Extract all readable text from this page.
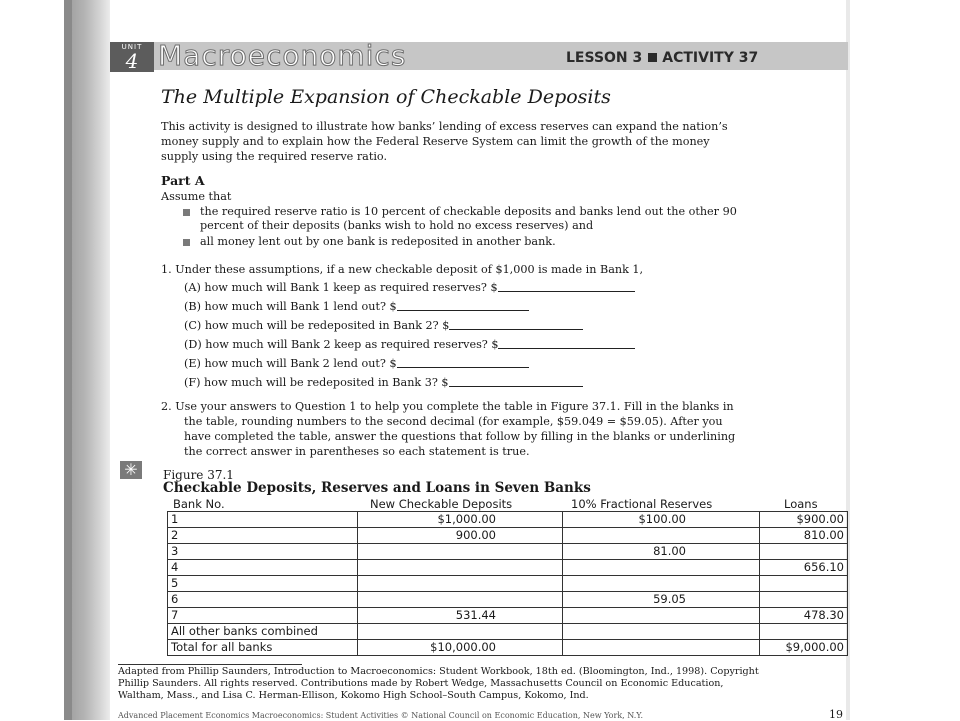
UNIT
4 Macroeconomics	LESSON 3 ACTIVITY 37
The Multiple Expansion of Checkable Deposits
This activity is designed to illustrate how banks’ lending of excess reserves can expand the nation’s
money supply and to explain how the Federal Reserve System can limit the growth of the money
supply using the required reserve ratio.
Part A
Assume that
the required reserve ratio is 10 percent of checkable deposits and banks lend out the other 90
percent of their deposits (banks wish to hold no excess reserves) and
all money lent out by one bank is redeposited in another bank.
1. Under these assumptions, if a new checkable deposit of $1,000 is made in Bank 1,
(A) how much will Bank 1 keep as required reserves? $
(B) how much will Bank 1 lend out? $
(C) how much will be redeposited in Bank 2? $
(D) how much will Bank 2 keep as required reserves? $
(E) how much will Bank 2 lend out? $
(F) how much will be redeposited in Bank 3? $
2. Use your answers to Question 1 to help you complete the table in Figure 37.1. Fill in the blanks in
the table, rounding numbers to the second decimal (for example, $59.049 = $59.05). After you
have completed the table, answer the questions that follow by filling in the blanks or underlining
the correct answer in parentheses so each statement is true.
✳	Figure 37.1
Checkable Deposits, Reserves and Loans in Seven Banks
Bank No.	New Checkable Deposits	10% Fractional Reserves	Loans
1	$1,000.00	$100.00	$900.00
2	900.00		810.00
3		81.00	
4			656.10
5			
6		59.05	
7	531.44		478.30
All other banks combined			
Total for all banks	$10,000.00		$9,000.00
Adapted from Phillip Saunders, Introduction to Macroeconomics: Student Workbook, 18th ed. (Bloomington, Ind., 1998). Copyright
Phillip Saunders. All rights reserved. Contributions made by Robert Wedge, Massachusetts Council on Economic Education,
Waltham, Mass., and Lisa C. Herman-Ellison, Kokomo High School–South Campus, Kokomo, Ind.
Advanced Placement Economics Macroeconomics: Student Activities © National Council on Economic Education, New York, N.Y.	19
